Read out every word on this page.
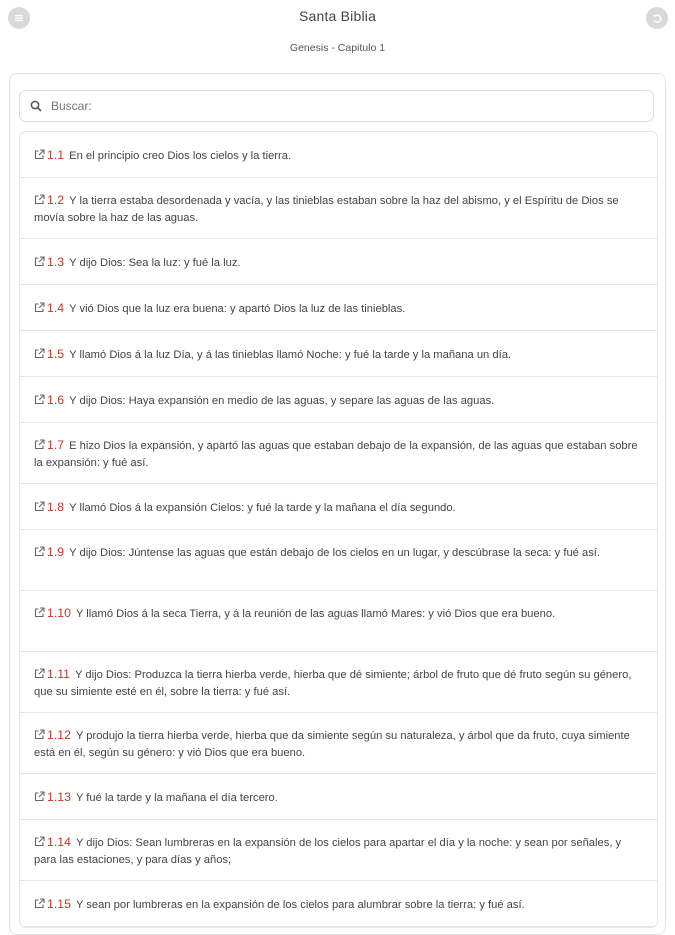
Santa Biblia
Genesis - Capitulo 1
Buscar:
1.1 En el principio creo Dios los cielos y la tierra.
1.2 Y la tierra estaba desordenada y vacía, y las tinieblas estaban sobre la haz del abismo, y el Espíritu de Dios se movía sobre la haz de las aguas.
1.3 Y dijo Dios: Sea la luz: y fué la luz.
1.4 Y vió Dios que la luz era buena: y apartó Dios la luz de las tinieblas.
1.5 Y llamó Dios á la luz Día, y á las tinieblas llamó Noche: y fué la tarde y la mañana un día.
1.6 Y dijo Dios: Haya expansión en medio de las aguas, y separe las aguas de las aguas.
1.7 E hizo Dios la expansión, y apartó las aguas que estaban debajo de la expansión, de las aguas que estaban sobre la expansión: y fué así.
1.8 Y llamó Dios á la expansión Cielos: y fué la tarde y la mañana el día segundo.
1.9 Y dijo Dios: Júntense las aguas que están debajo de los cielos en un lugar, y descúbrase la seca: y fué así.
1.10 Y llamó Dios á la seca Tierra, y á la reunión de las aguas llamó Mares: y vió Dios que era bueno.
1.11 Y dijo Dios: Produzca la tierra hierba verde, hierba que dé simiente; árbol de fruto que dé fruto según su género, que su simiente esté en él, sobre la tierra: y fué así.
1.12 Y produjo la tierra hierba verde, hierba que da simiente según su naturaleza, y árbol que da fruto, cuya simiente está en él, según su género: y vió Dios que era bueno.
1.13 Y fué la tarde y la mañana el día tercero.
1.14 Y dijo Dios: Sean lumbreras en la expansión de los cielos para apartar el día y la noche: y sean por señales, y para las estaciones, y para días y años;
1.15 Y sean por lumbreras en la expansión de los cielos para alumbrar sobre la tierra: y fué así.
